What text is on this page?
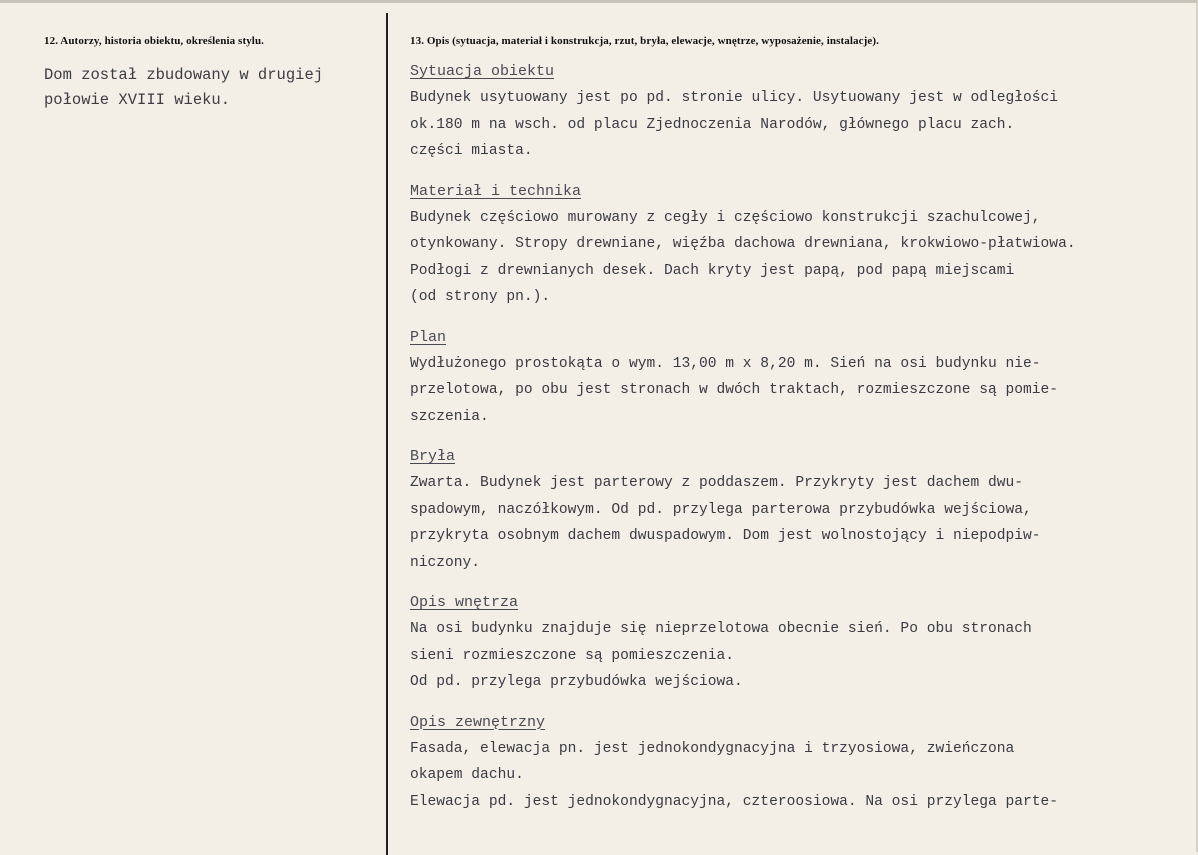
12. Autorzy, historia obiektu, określenia stylu.
Dom został zbudowany w drugiej
połowie XVIII wieku.
13. Opis (sytuacja, materiał i konstrukcja, rzut, bryła, elewacje, wnętrze, wyposażenie, instalacje).
Sytuacja obiektu
Budynek usytuowany jest po pd. stronie ulicy. Usytuowany jest w odległości
ok.180 m na wsch. od placu Zjednoczenia Narodów, głównego placu zach.
części miasta.
Materiał i technika
Budynek częściowo murowany z cegły i częściowo konstrukcji szachulcowej,
otynkowany. Stropy drewniane, więźba dachowa drewniana, krokwiowo-płatwiowa.
Podłogi z drewnianych desek. Dach kryty jest papą, pod papą miejscami
(od strony pn.).
Plan
Wydłużonego prostokąta o wym. 13,00 m x 8,20 m. Sień na osi budynku nie-
przelotowa, po obu jest stronach w dwóch traktach, rozmieszczone są pomie-
szczenia.
Bryła
Zwarta. Budynek jest parterowy z poddaszem. Przykryty jest dachem dwu-
spadowym, naczółkowym. Od pd. przylega parterowa przybudówka wejściowa,
przykryta osobnym dachem dwuspadowym. Dom jest wolnostojący i niepodpiw-
niczony.
Opis wnętrza
Na osi budynku znajduje się nieprzelotowa obecnie sień. Po obu stronach
sieni rozmieszczone są pomieszczenia.
Od pd. przylega przybudówka wejściowa.
Opis zewnętrzny
Fasada, elewacja pn. jest jednokondygnacyjna i trzyosiowa, zwieńczona
okapem dachu.
Elewacja pd. jest jednokondygnacyjna, czteroosiowa. Na osi przylega parte-
